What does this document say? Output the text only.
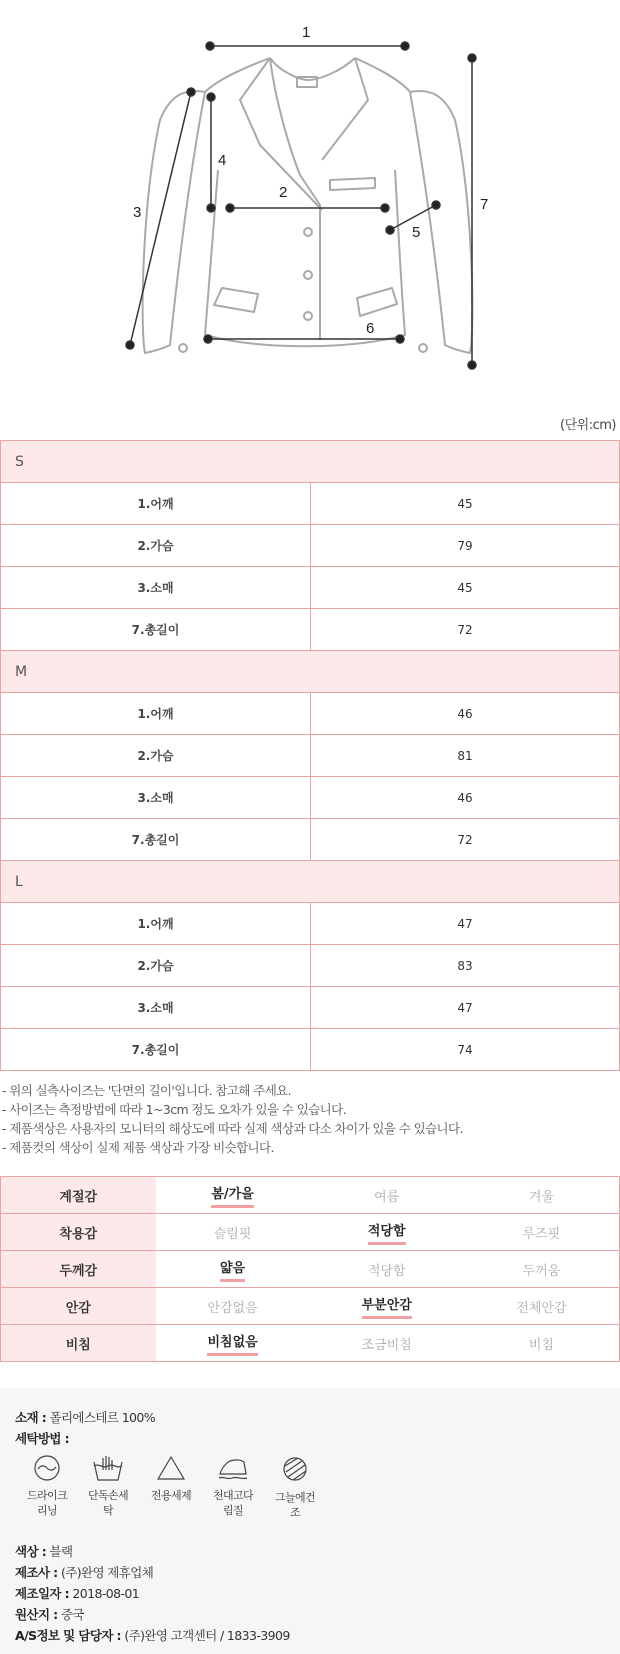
1
2
3
4
5
6
7
(단위:cm)
S	
1.어깨	45
2.가슴	79
3.소매	45
7.총길이	72
M	
1.어깨	46
2.가슴	81
3.소매	46
7.총길이	72
L	
1.어깨	47
2.가슴	83
3.소매	47
7.총길이	74
- 위의 실측사이즈는 '단면의 길이'입니다. 참고해 주세요.
- 사이즈는 측정방법에 따라 1~3cm 정도 오차가 있을 수 있습니다.
- 제품색상은 사용자의 모니터의 해상도에 따라 실제 색상과 다소 차이가 있을 수 있습니다.
- 제품컷의 색상이 실제 제품 색상과 가장 비슷합니다.
계절감	봄/가을	여름	겨울
착용감	슬림핏	적당함	루즈핏
두께감	얇음	적당함	두꺼움
안감	안감없음	부분안감	전체안감
비침	비침없음	조금비침	비침
소재 : 폴리에스테르 100%
세탁방법 :
드라이크
리닝
단독손세
탁
전용세제	천대고다
림질
그늘에건
조
색상 : 블랙
제조사 : (주)완영 제휴업체
제조일자 : 2018-08-01
원산지 : 중국
A/S정보 및 담당자 : (주)완영 고객센터 / 1833-3909
